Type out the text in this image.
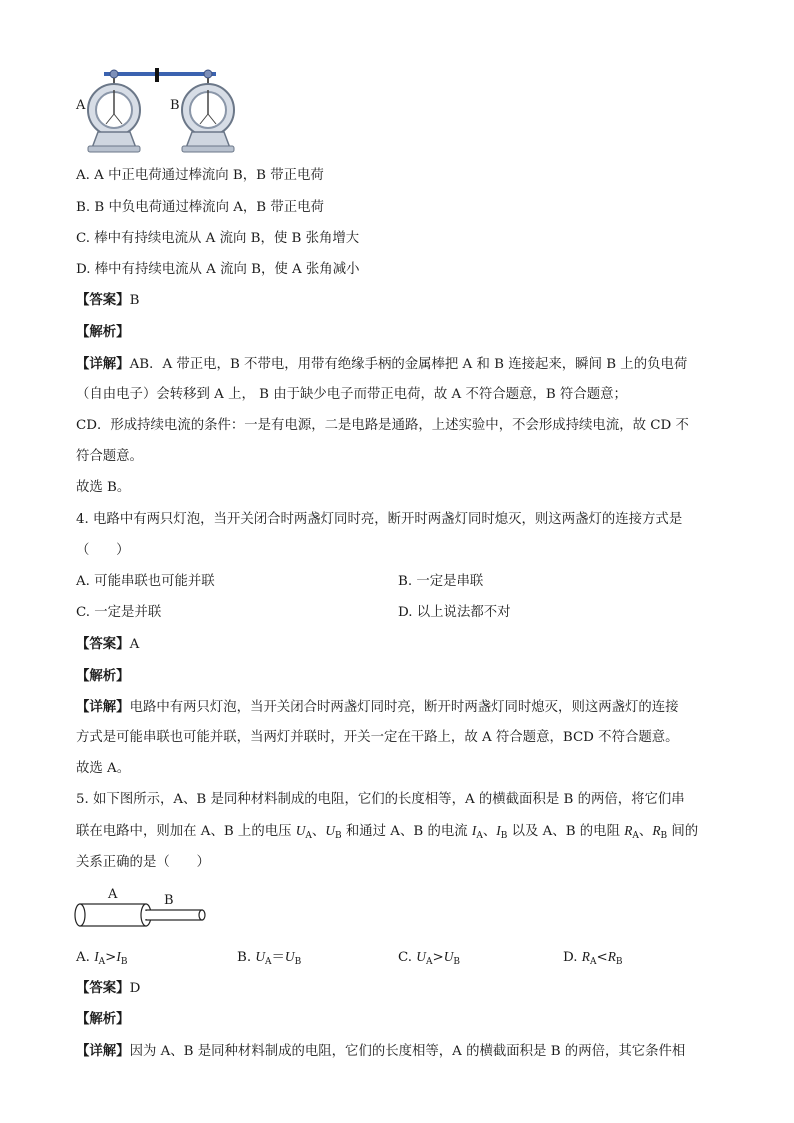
A	B
A. A 中正电荷通过棒流向 B，B 带正电荷
B. B 中负电荷通过棒流向 A，B 带正电荷
C. 棒中有持续电流从 A 流向 B，使 B 张角增大
D. 棒中有持续电流从 A 流向 B，使 A 张角减小
【答案】B
【解析】
【详解】AB．A 带正电，B 不带电，用带有绝缘手柄的金属棒把 A 和 B 连接起来，瞬间 B 上的负电荷
（自由电子）会转移到 A 上， B 由于缺少电子而带正电荷，故 A 不符合题意，B 符合题意；
CD．形成持续电流的条件：一是有电源，二是电路是通路，上述实验中，不会形成持续电流，故 CD 不
符合题意。
故选 B。
4. 电路中有两只灯泡，当开关闭合时两盏灯同时亮，断开时两盏灯同时熄灭，则这两盏灯的连接方式是
（　　）
A. 可能串联也可能并联	B. 一定是串联
C. 一定是并联	D. 以上说法都不对
【答案】A
【解析】
【详解】电路中有两只灯泡，当开关闭合时两盏灯同时亮，断开时两盏灯同时熄灭，则这两盏灯的连接
方式是可能串联也可能并联，当两灯并联时，开关一定在干路上，故 A 符合题意，BCD 不符合题意。
故选 A。
5. 如下图所示，A、B 是同种材料制成的电阻，它们的长度相等，A 的横截面积是 B 的两倍，将它们串
联在电路中，则加在 A、B 上的电压 $U_A$、$U_B$ 和通过 A、B 的电流 $I_A$、$I_B$ 以及 A、B 的电阻 $R_A$、$R_B$ 间的
关系正确的是（　　）
A	B
A. $I_A>I_B$	B. $U_A=U_B$	C. $U_A>U_B$	D. $R_A<R_B$
【答案】D
【解析】
【详解】因为 A、B 是同种材料制成的电阻，它们的长度相等，A 的横截面积是 B 的两倍，其它条件相
